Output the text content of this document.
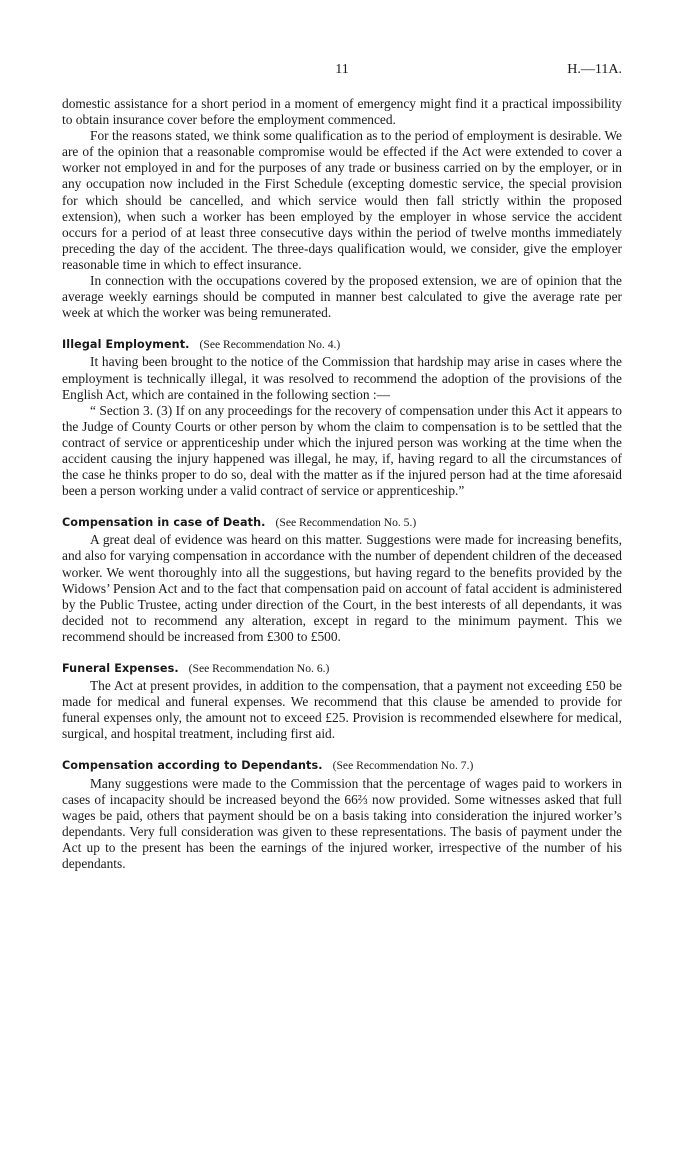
11	H.—11A.

domestic assistance for a short period in a moment of emergency might find it a practical impossibility to obtain insurance cover before the employment commenced.

For the reasons stated, we think some qualification as to the period of employment is desirable. We are of the opinion that a reasonable compromise would be effected if the Act were extended to cover a worker not employed in and for the purposes of any trade or business carried on by the employer, or in any occupation now included in the First Schedule (excepting domestic service, the special provision for which should be cancelled, and which service would then fall strictly within the proposed extension), when such a worker has been employed by the employer in whose service the accident occurs for a period of at least three consecutive days within the period of twelve months immediately preceding the day of the accident. The three-days qualification would, we consider, give the employer reasonable time in which to effect insurance.

In connection with the occupations covered by the proposed extension, we are of opinion that the average weekly earnings should be computed in manner best calculated to give the average rate per week at which the worker was being remunerated.

Illegal Employment. (See Recommendation No. 4.)

It having been brought to the notice of the Commission that hardship may arise in cases where the employment is technically illegal, it was resolved to recommend the adoption of the provisions of the English Act, which are contained in the following section :—

“ Section 3. (3) If on any proceedings for the recovery of compensation under this Act it appears to the Judge of County Courts or other person by whom the claim to compensation is to be settled that the contract of service or apprenticeship under which the injured person was working at the time when the accident causing the injury happened was illegal, he may, if, having regard to all the circumstances of the case he thinks proper to do so, deal with the matter as if the injured person had at the time aforesaid been a person working under a valid contract of service or apprenticeship.”

Compensation in case of Death. (See Recommendation No. 5.)

A great deal of evidence was heard on this matter. Suggestions were made for increasing benefits, and also for varying compensation in accordance with the number of dependent children of the deceased worker. We went thoroughly into all the suggestions, but having regard to the benefits provided by the Widows’ Pension Act and to the fact that compensation paid on account of fatal accident is administered by the Public Trustee, acting under direction of the Court, in the best interests of all dependants, it was decided not to recommend any alteration, except in regard to the minimum payment. This we recommend should be increased from £300 to £500.

Funeral Expenses. (See Recommendation No. 6.)

The Act at present provides, in addition to the compensation, that a payment not exceeding £50 be made for medical and funeral expenses. We recommend that this clause be amended to provide for funeral expenses only, the amount not to exceed £25. Provision is recommended elsewhere for medical, surgical, and hospital treatment, including first aid.

Compensation according to Dependants. (See Recommendation No. 7.)

Many suggestions were made to the Commission that the percentage of wages paid to workers in cases of incapacity should be increased beyond the 66⅔ now provided. Some witnesses asked that full wages be paid, others that payment should be on a basis taking into consideration the injured worker’s dependants. Very full consideration was given to these representations. The basis of payment under the Act up to the present has been the earnings of the injured worker, irrespective of the number of his dependants.
